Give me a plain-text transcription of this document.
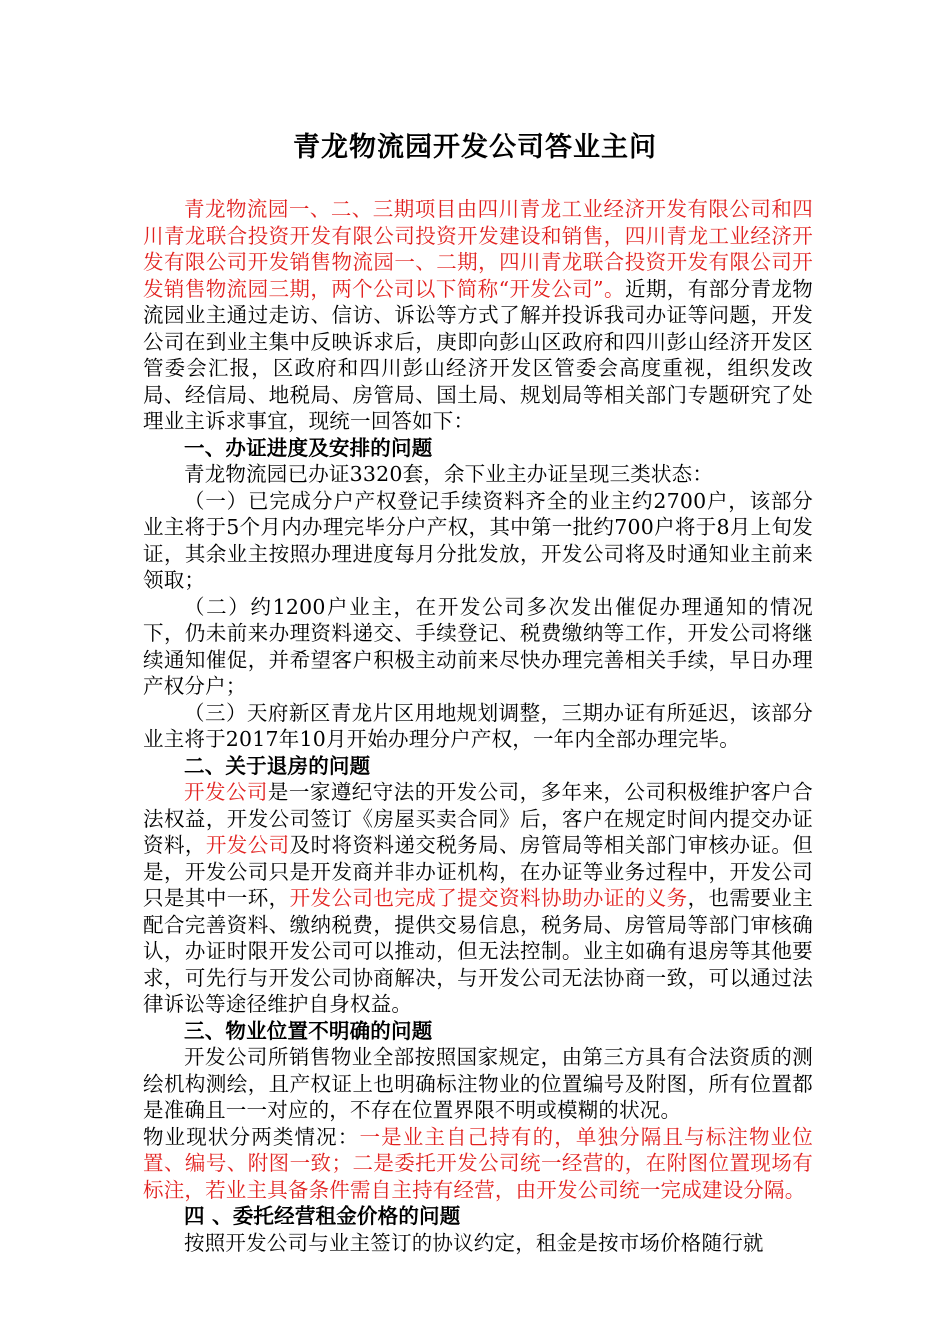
青龙物流园开发公司答业主问

青龙物流园一、二、三期项目由四川青龙工业经济开发有限公司和四川青龙联合投资开发有限公司投资开发建设和销售，四川青龙工业经济开发有限公司开发销售物流园一、二期，四川青龙联合投资开发有限公司开发销售物流园三期，两个公司以下简称“开发公司”。近期，有部分青龙物流园业主通过走访、信访、诉讼等方式了解并投诉我司办证等问题，开发公司在到业主集中反映诉求后，庚即向彭山区政府和四川彭山经济开发区管委会汇报，区政府和四川彭山经济开发区管委会高度重视，组织发改局、经信局、地税局、房管局、国土局、规划局等相关部门专题研究了处理业主诉求事宜，现统一回答如下：

一、办证进度及安排的问题

青龙物流园已办证3320套，余下业主办证呈现三类状态：

（一）已完成分户产权登记手续资料齐全的业主约2700户，该部分业主将于5个月内办理完毕分户产权，其中第一批约700户将于8月上旬发证，其余业主按照办理进度每月分批发放，开发公司将及时通知业主前来领取；

（二）约1200户业主，在开发公司多次发出催促办理通知的情况下，仍未前来办理资料递交、手续登记、税费缴纳等工作，开发公司将继续通知催促，并希望客户积极主动前来尽快办理完善相关手续，早日办理产权分户；

（三）天府新区青龙片区用地规划调整，三期办证有所延迟，该部分业主将于2017年10月开始办理分户产权，一年内全部办理完毕。

二、关于退房的问题

开发公司是一家遵纪守法的开发公司，多年来，公司积极维护客户合法权益，开发公司签订《房屋买卖合同》后，客户在规定时间内提交办证资料，开发公司及时将资料递交税务局、房管局等相关部门审核办证。但是，开发公司只是开发商并非办证机构，在办证等业务过程中，开发公司只是其中一环，开发公司也完成了提交资料协助办证的义务，也需要业主配合完善资料、缴纳税费，提供交易信息，税务局、房管局等部门审核确认，办证时限开发公司可以推动，但无法控制。业主如确有退房等其他要求，可先行与开发公司协商解决，与开发公司无法协商一致，可以通过法律诉讼等途径维护自身权益。

三、物业位置不明确的问题

开发公司所销售物业全部按照国家规定，由第三方具有合法资质的测绘机构测绘，且产权证上也明确标注物业的位置编号及附图，所有位置都是准确且一一对应的，不存在位置界限不明或模糊的状况。

物业现状分两类情况：一是业主自己持有的，单独分隔且与标注物业位置、编号、附图一致；二是委托开发公司统一经营的，在附图位置现场有标注，若业主具备条件需自主持有经营，由开发公司统一完成建设分隔。

四 、委托经营租金价格的问题

按照开发公司与业主签订的协议约定，租金是按市场价格随行就
